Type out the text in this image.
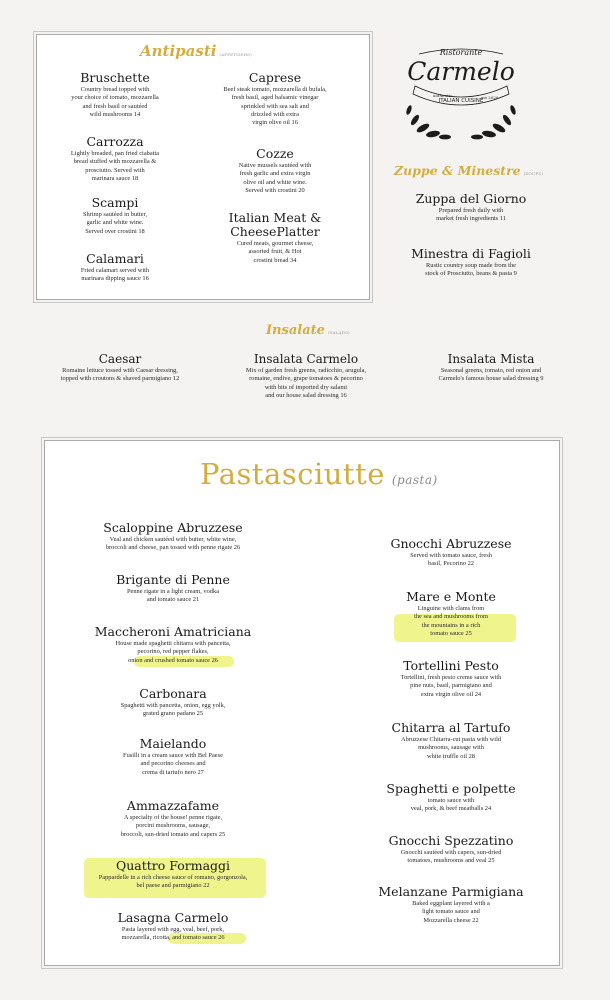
Antipasti (APPETIZERS)
Bruschette
Country bread topped with
your choice of tomato, mozzarella
and fresh basil or sautéed
wild mushrooms 14
Carrozza
Lightly breaded, pan fried ciabatta
bread stuffed with mozzarella &
prosciutto. Served with
marinara sauce 18
Scampi
Shrimp sautéed in butter,
garlic and white wine.
Served over crostini 18
Calamari
Fried calamari served with
marinara dipping sauce 16
Caprese
Beef steak tomato, mozzarella di bufala,
fresh basil, aged balsamic vinegar
sprinkled with sea salt and
drizzled with extra
virgin olive oil 16
Cozze
Native mussels sautéed with
fresh garlic and extra virgin
olive oil and white wine.
Served with crostini 20
Italian Meat &
CheesePlatter
Cured meats, gourmet cheese,
assorted fruit, & Hot
crostini bread 34
Ristorante
Carmelo
authentic
ITALIAN CUISINE
est 2020
Zuppe & Minestre (SOUPS)
Zuppa del Giorno
Prepared fresh daily with
market fresh ingredients 11
Minestra di Fagioli
Rustic country soup made from the
stock of Prosciutto, beans & pasta 9
Insalate (SALADS)
Caesar
Romaine lettuce tossed with Caesar dressing,
topped with croutons & shaved parmigiano 12
Insalata Carmelo
Mix of garden fresh greens, radicchio, arugula,
romaine, endive, grape tomatoes & pecorino
with bits of imported dry salami
and our house salad dressing 16
Insalata Mista
Seasonal greens, tomato, red onion and
Carmelo's famous house salad dressing 9
Pastasciutte (pasta)
Scaloppine Abruzzese
Veal and chicken sautéed with butter, white wine,
broccoli and cheese, pan tossed with penne rigate 26
Brigante di Penne
Penne rigate in a light cream, vodka
and tomato sauce 21
Maccheroni Amatriciana
House made spaghetti chitarra with pancetta,
pecorino, red pepper flakes,
onion and crushed tomato sauce 26
Carbonara
Spaghetti with pancetta, onion, egg yolk,
grated grano padano 25
Maielando
Fusilli in a cream sauce with Bel Paese
and pecorino cheeses and
crema di tartufo nero 27
Ammazzafame
A specialty of the house! penne rigate,
porcini mushrooms, sausage,
broccoli, sun-dried tomato and capers 25
Quattro Formaggi
Pappardelle in a rich cheese sauce of romano, gorgonzola,
bel paese and parmigiano 22
Lasagna Carmelo
Pasta layered with egg, veal, beef, pork,
mozzarella, ricotta, and tomato sauce 26
Gnocchi Abruzzese
Served with tomato sauce, fresh
basil, Pecorino 22
Mare e Monte
Linguine with clams from
the sea and mushrooms from
the mountains in a rich
tomato sauce 25
Tortellini Pesto
Tortellini, fresh pesto creme sauce with
pine nuts, basil, parmigiano and
extra virgin olive oil 24
Chitarra al Tartufo
Abruzzese Chitarra-cut pasta with wild
mushrooms, sausage with
white truffle oil 28
Spaghetti e polpette
tomato sauce with
veal, pork, & beef meatballs 24
Gnocchi Spezzatino
Gnocchi sautéed with capers, sun-dried
tomatoes, mushrooms and veal 25
Melanzane Parmigiana
Baked eggplant layered with a
light tomato sauce and
Mozzarella cheese 22
